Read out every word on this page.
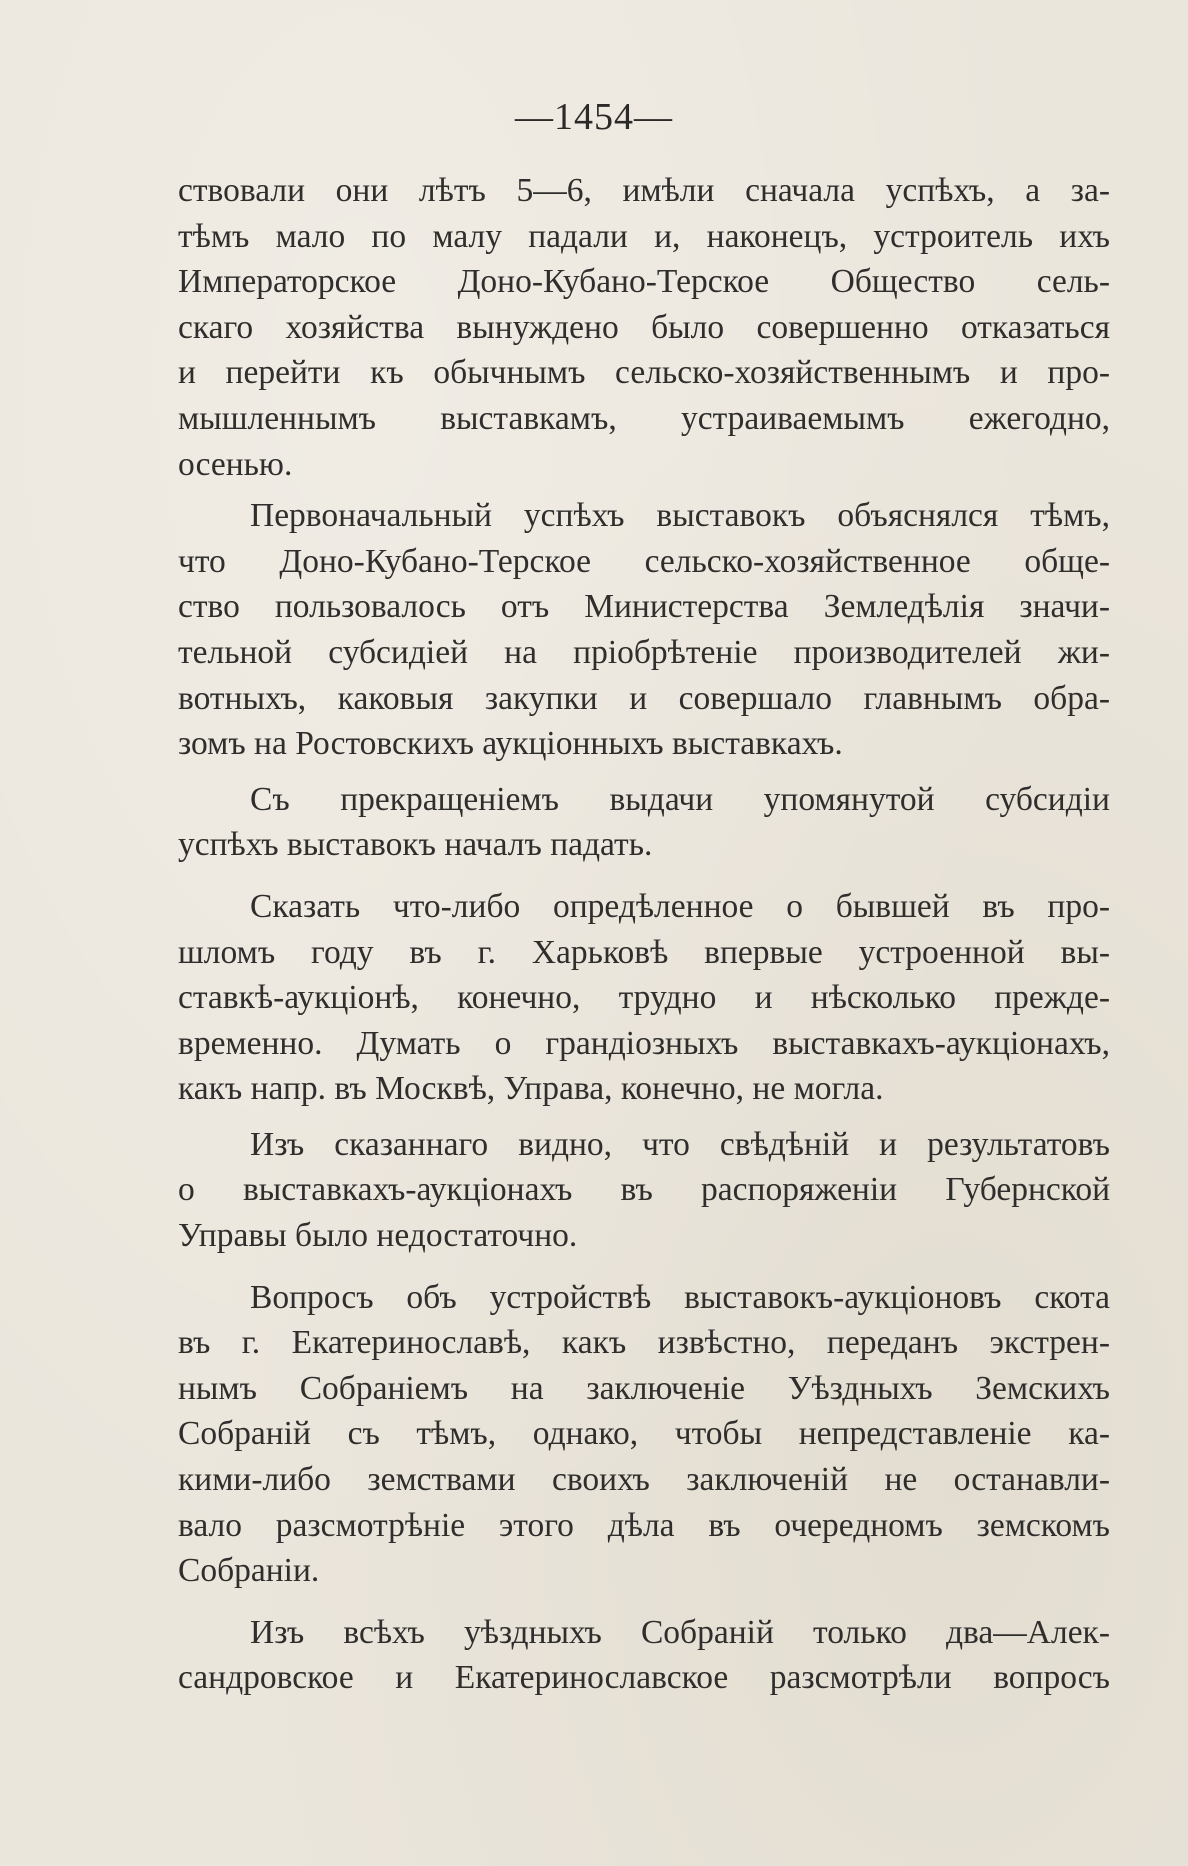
—1454—
ствовали они лѣтъ 5—6, имѣли сначала успѣхъ, а за-
тѣмъ мало по малу падали и, наконецъ, устроитель ихъ
Императорское Доно-Кубано-Терское Общество сель-
скаго хозяйства вынуждено было совершенно отказаться
и перейти къ обычнымъ сельско-хозяйственнымъ и про-
мышленнымъ выставкамъ, устраиваемымъ ежегодно,
осенью.
Первоначальный успѣхъ выставокъ объяснялся тѣмъ,
что Доно-Кубано-Терское сельско-хозяйственное обще-
ство пользовалось отъ Министерства Земледѣлія значи-
тельной субсидіей на пріобрѣтеніе производителей жи-
вотныхъ, каковыя закупки и совершало главнымъ обра-
зомъ на Ростовскихъ аукціонныхъ выставкахъ.
Съ прекращеніемъ выдачи упомянутой субсидіи
успѣхъ выставокъ началъ падать.
Сказать что-либо опредѣленное о бывшей въ про-
шломъ году въ г. Харьковѣ впервые устроенной вы-
ставкѣ-аукціонѣ, конечно, трудно и нѣсколько прежде-
временно. Думать о грандіозныхъ выставкахъ-аукціонахъ,
какъ напр. въ Москвѣ, Управа, конечно, не могла.
Изъ сказаннаго видно, что свѣдѣній и результатовъ
о выставкахъ-аукціонахъ въ распоряженіи Губернской
Управы было недостаточно.
Вопросъ объ устройствѣ выставокъ-аукціоновъ скота
въ г. Екатеринославѣ, какъ извѣстно, переданъ экстрен-
нымъ Собраніемъ на заключеніе Уѣздныхъ Земскихъ
Собраній съ тѣмъ, однако, чтобы непредставленіе ка-
кими-либо земствами своихъ заключеній не останавли-
вало разсмотрѣніе этого дѣла въ очередномъ земскомъ
Собраніи.
Изъ всѣхъ уѣздныхъ Собраній только два—Алек-
сандровское и Екатеринославское разсмотрѣли вопросъ
